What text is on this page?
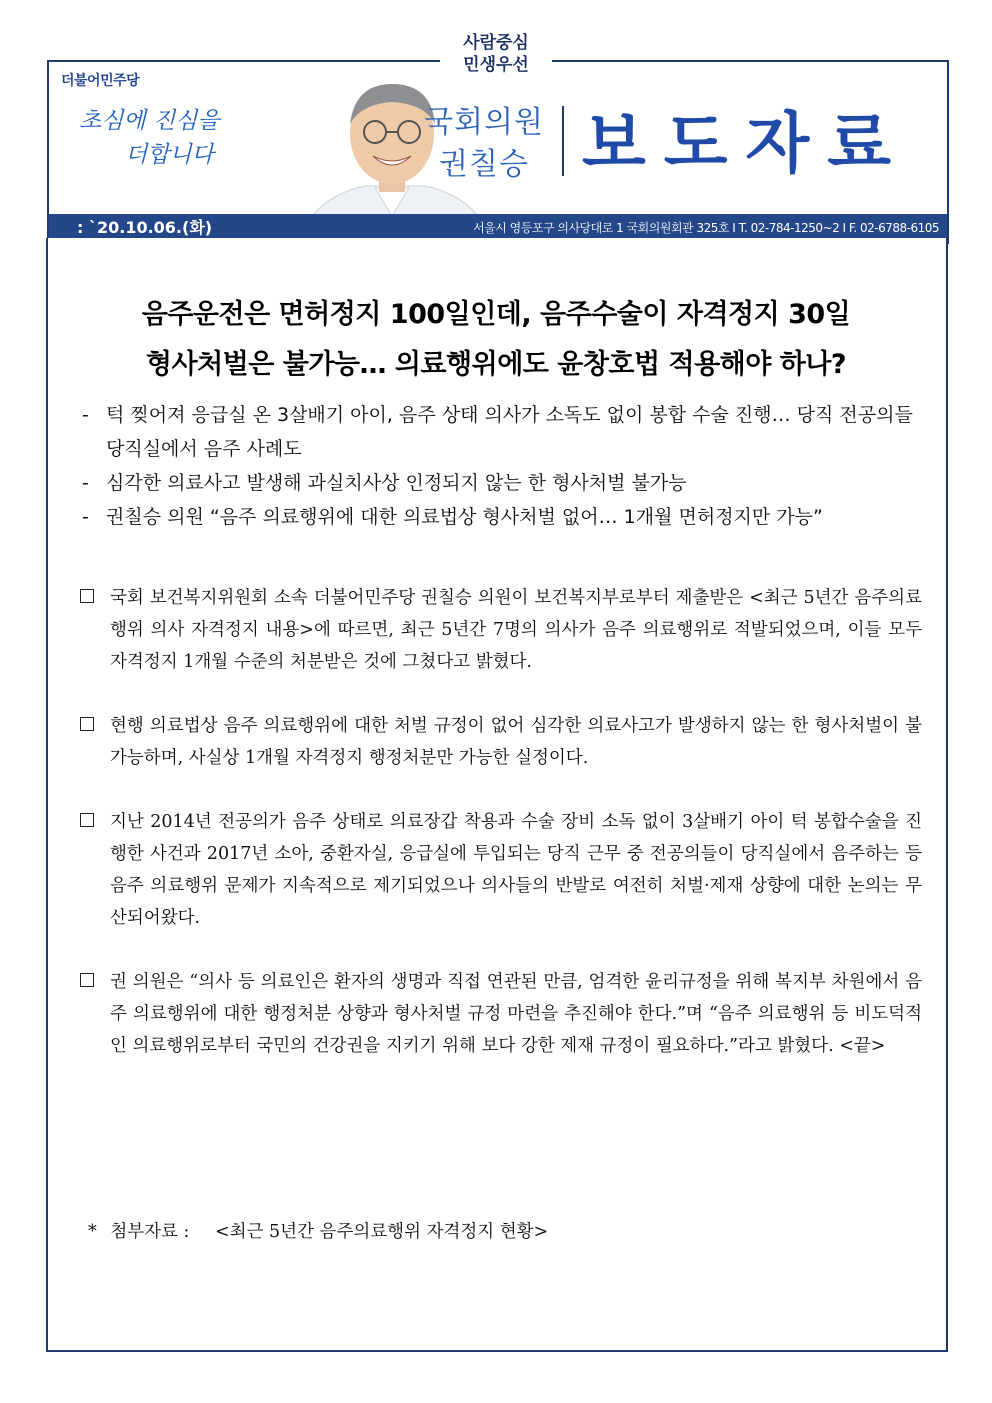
더불어민주당
초심에 진심을
더합니다
국회의원
권칠승 보도자료
: `20.10.06.(화)	서울시 영등포구 의사당대로 1 국회의원회관 325호 I T. 02-784-1250~2 I F. 02-6788-6105
사람중심
민생우선
음주운전은 면허정지 100일인데, 음주수술이 자격정지 30일
형사처벌은 불가능… 의료행위에도 윤창호법 적용해야 하나?
- 턱 찢어져 응급실 온 3살배기 아이, 음주 상태 의사가 소독도 없이 봉합 수술 진행… 당직 전공의들 당직실에서 음주 사례도
- 심각한 의료사고 발생해 과실치사상 인정되지 않는 한 형사처벌 불가능
- 권칠승 의원 “음주 의료행위에 대한 의료법상 형사처벌 없어… 1개월 면허정지만 가능”
국회 보건복지위원회 소속 더불어민주당 권칠승 의원이 보건복지부로부터 제출받은 <최근 5년간 음주의료행위 의사 자격정지 내용>에 따르면, 최근 5년간 7명의 의사가 음주 의료행위로 적발되었으며, 이들 모두 자격정지 1개월 수준의 처분받은 것에 그쳤다고 밝혔다.
현행 의료법상 음주 의료행위에 대한 처벌 규정이 없어 심각한 의료사고가 발생하지 않는 한 형사처벌이 불가능하며, 사실상 1개월 자격정지 행정처분만 가능한 실정이다.
지난 2014년 전공의가 음주 상태로 의료장갑 착용과 수술 장비 소독 없이 3살배기 아이 턱 봉합수술을 진행한 사건과 2017년 소아, 중환자실, 응급실에 투입되는 당직 근무 중 전공의들이 당직실에서 음주하는 등 음주 의료행위 문제가 지속적으로 제기되었으나 의사들의 반발로 여전히 처벌·제재 상향에 대한 논의는 무산되어왔다.
권 의원은 “의사 등 의료인은 환자의 생명과 직접 연관된 만큼, 엄격한 윤리규정을 위해 복지부 차원에서 음주 의료행위에 대한 행정처분 상향과 형사처벌 규정 마련을 추진해야 한다.”며 “음주 의료행위 등 비도덕적인 의료행위로부터 국민의 건강권을 지키기 위해 보다 강한 제재 규정이 필요하다.”라고 밝혔다. <끝>
* 첨부자료 : <최근 5년간 음주의료행위 자격정지 현황>
